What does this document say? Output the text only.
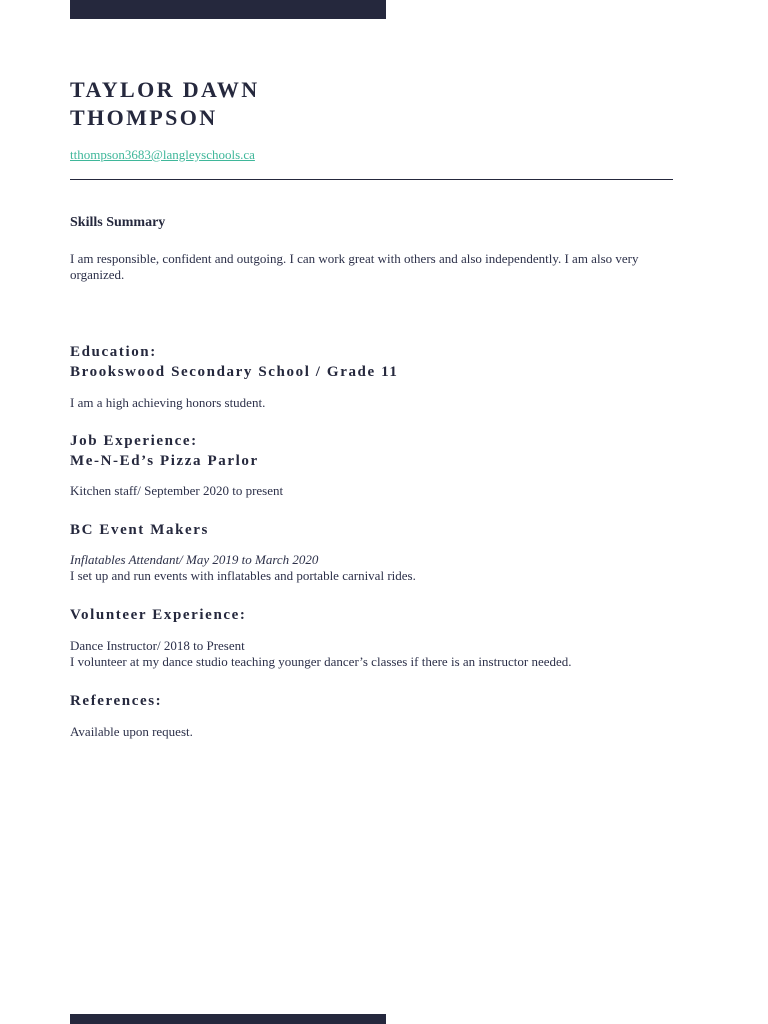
TAYLOR DAWN
THOMPSON
tthompson3683@langleyschools.ca
Skills Summary

I am responsible, confident and outgoing. I can work great with others and also independently. I am also very organized.

Education:
Brookswood Secondary School / Grade 11

I am a high achieving honors student.

Job Experience:
Me-N-Ed’s Pizza Parlor

Kitchen staff/ September 2020 to present

BC Event Makers

Inflatables Attendant/ May 2019 to March 2020
I set up and run events with inflatables and portable carnival rides.

Volunteer Experience:

Dance Instructor/ 2018 to Present
I volunteer at my dance studio teaching younger dancer’s classes if there is an instructor needed.

References:

Available upon request.
